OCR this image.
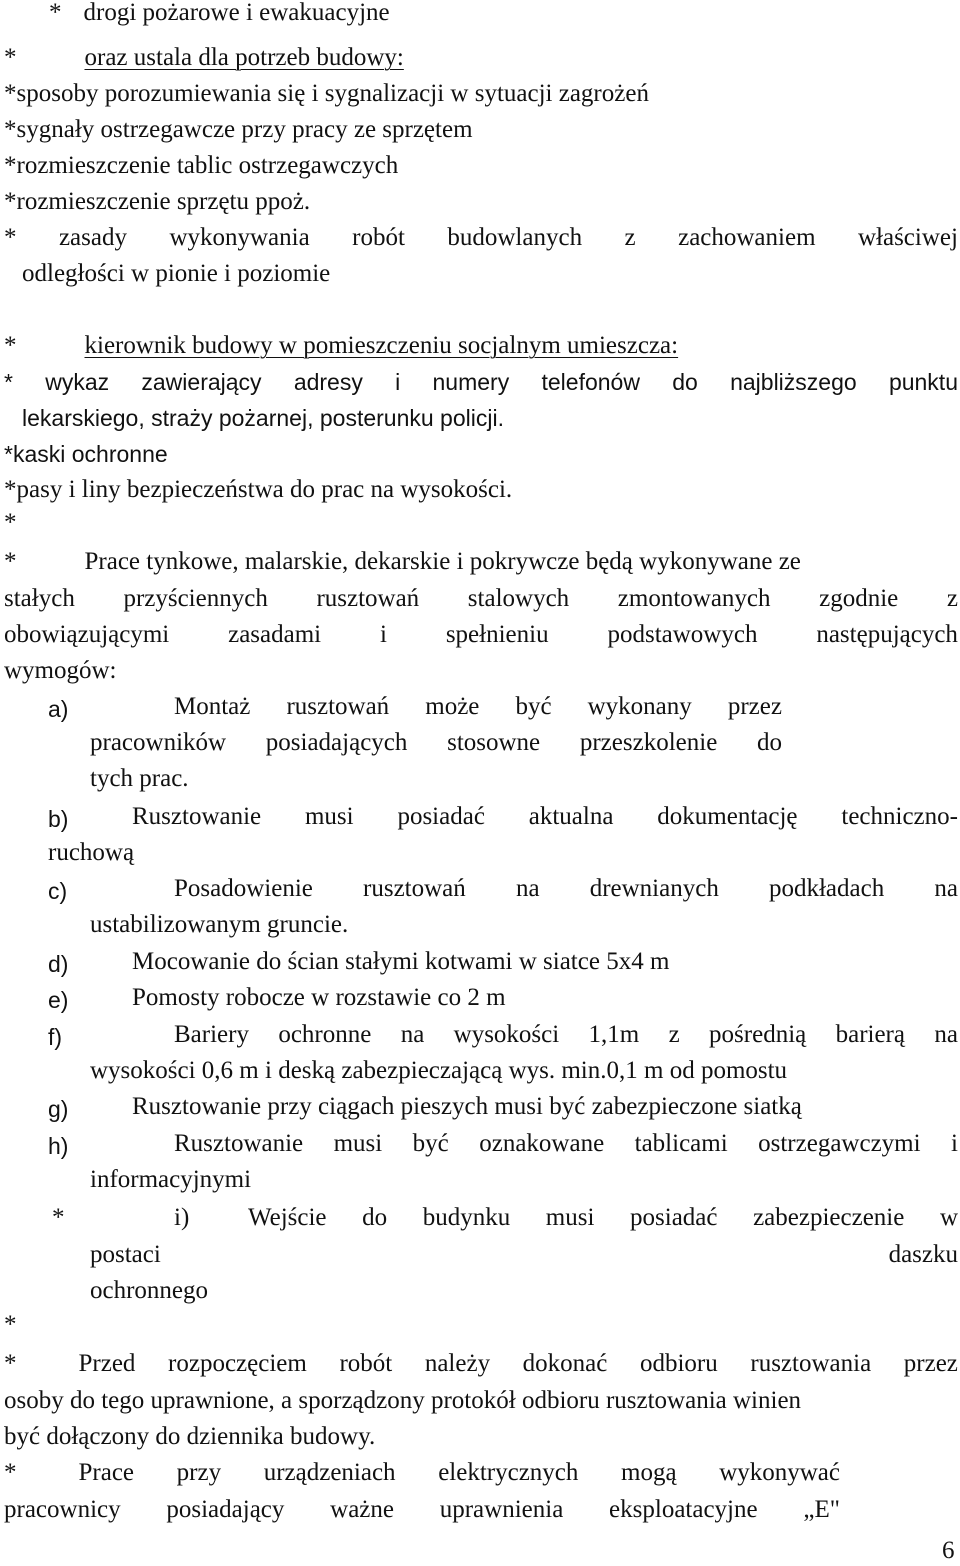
* drogi pożarowe i ewakuacyjne
*	oraz ustala dla potrzeb budowy:
*sposoby porozumiewania się i sygnalizacji w sytuacji zagrożeń
*sygnały ostrzegawcze przy pracy ze sprzętem
*rozmieszczenie tablic ostrzegawczych
*rozmieszczenie sprzętu ppoż.
* zasady wykonywania robót budowlanych z zachowaniem właściwej
odległości w pionie i poziomie
*	kierownik budowy w pomieszczeniu socjalnym umieszcza:
* wykaz zawierający adresy i numery telefonów do najbliższego punktu
lekarskiego, straży pożarnej, posterunku policji.
*kaski ochronne
*pasy i liny bezpieczeństwa do prac na wysokości.
*
*	Prace tynkowe, malarskie, dekarskie i pokrywcze będą wykonywane ze
stałych przyściennych rusztowań stalowych zmontowanych zgodnie z
obowiązującymi zasadami i spełnieniu podstawowych następujących
wymogów:
a)	Montaż rusztowań może być wykonany przez
pracowników posiadających stosowne przeszkolenie do
tych prac.
b)	Rusztowanie musi posiadać aktualna dokumentację techniczno-
ruchową
c)	Posadowienie rusztowań na drewnianych podkładach na
ustabilizowanym gruncie.
d)	Mocowanie do ścian stałymi kotwami w siatce 5x4 m
e)	Pomosty robocze w rozstawie co 2 m
f)	Bariery ochronne na wysokości 1,1m z pośrednią barierą na
wysokości 0,6 m i deską zabezpieczającą wys. min.0,1 m od pomostu
g)	Rusztowanie przy ciągach pieszych musi być zabezpieczone siatką
h)	Rusztowanie musi być oznakowane tablicami ostrzegawczymi i
informacyjnymi
*	i) Wejście do budynku musi posiadać zabezpieczenie w
postaci	daszku
ochronnego
*
* Przed rozpoczęciem robót należy dokonać odbioru rusztowania przez
osoby do tego uprawnione, a sporządzony protokół odbioru rusztowania winien
być dołączony do dziennika budowy.
* Prace przy urządzeniach elektrycznych mogą wykonywać
pracownicy posiadający ważne uprawnienia eksploatacyjne „E"
6
